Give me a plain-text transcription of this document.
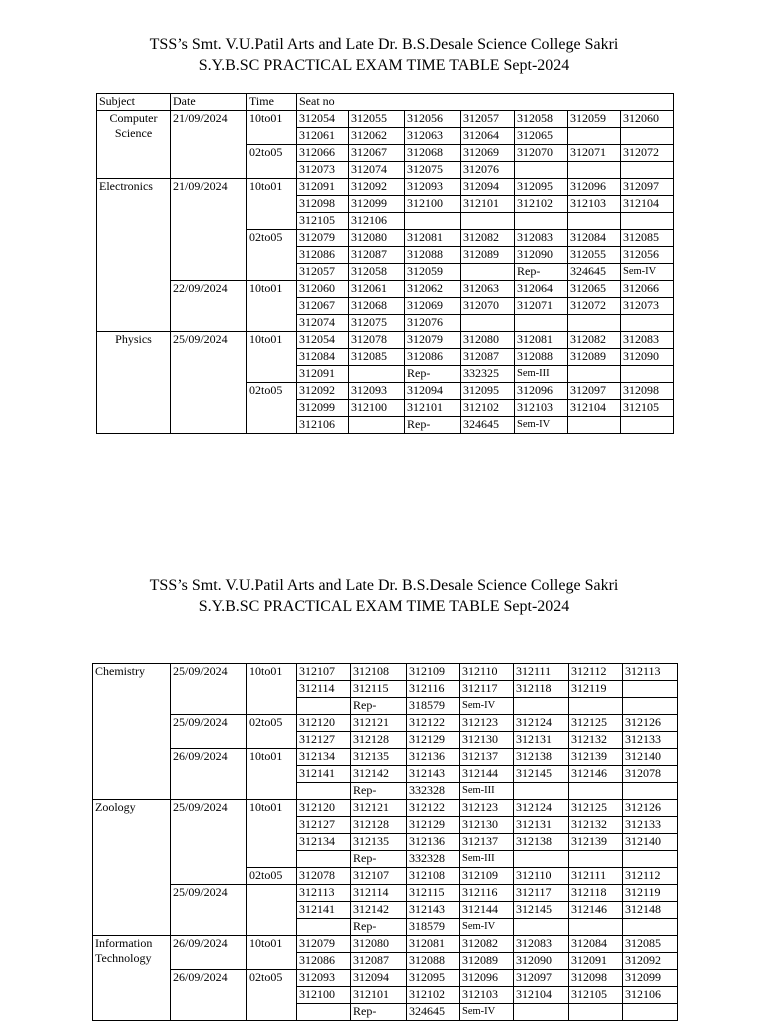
TSS’s Smt. V.U.Patil Arts and Late Dr. B.S.Desale Science College Sakri
S.Y.B.SC PRACTICAL EXAM TIME TABLE Sept-2024
Subject	Date	Time	Seat no						
Computer Science	21/09/2024	10to01	312054	312055	312056	312057	312058	312059	312060
			312061	312062	312063	312064	312065		
		02to05	312066	312067	312068	312069	312070	312071	312072
			312073	312074	312075	312076			
Electronics	21/09/2024	10to01	312091	312092	312093	312094	312095	312096	312097
			312098	312099	312100	312101	312102	312103	312104
			312105	312106					
		02to05	312079	312080	312081	312082	312083	312084	312085
			312086	312087	312088	312089	312090	312055	312056
			312057	312058	312059		Rep-	324645	Sem-IV
	22/09/2024	10to01	312060	312061	312062	312063	312064	312065	312066
			312067	312068	312069	312070	312071	312072	312073
			312074	312075	312076				
Physics	25/09/2024	10to01	312054	312078	312079	312080	312081	312082	312083
			312084	312085	312086	312087	312088	312089	312090
			312091		Rep-	332325	Sem-III		
		02to05	312092	312093	312094	312095	312096	312097	312098
			312099	312100	312101	312102	312103	312104	312105
			312106		Rep-	324645	Sem-IV		
TSS’s Smt. V.U.Patil Arts and Late Dr. B.S.Desale Science College Sakri
S.Y.B.SC PRACTICAL EXAM TIME TABLE Sept-2024
Chemistry	25/09/2024	10to01	312107	312108	312109	312110	312111	312112	312113
			312114	312115	312116	312117	312118	312119	
				Rep-	318579	Sem-IV			
	25/09/2024	02to05	312120	312121	312122	312123	312124	312125	312126
			312127	312128	312129	312130	312131	312132	312133
	26/09/2024	10to01	312134	312135	312136	312137	312138	312139	312140
			312141	312142	312143	312144	312145	312146	312078
				Rep-	332328	Sem-III			
Zoology	25/09/2024	10to01	312120	312121	312122	312123	312124	312125	312126
			312127	312128	312129	312130	312131	312132	312133
			312134	312135	312136	312137	312138	312139	312140
				Rep-	332328	Sem-III			
		02to05	312078	312107	312108	312109	312110	312111	312112
	25/09/2024		312113	312114	312115	312116	312117	312118	312119
			312141	312142	312143	312144	312145	312146	312148
				Rep-	318579	Sem-IV			
Information Technology	26/09/2024	10to01	312079	312080	312081	312082	312083	312084	312085
			312086	312087	312088	312089	312090	312091	312092
	26/09/2024	02to05	312093	312094	312095	312096	312097	312098	312099
			312100	312101	312102	312103	312104	312105	312106
				Rep-	324645	Sem-IV			
